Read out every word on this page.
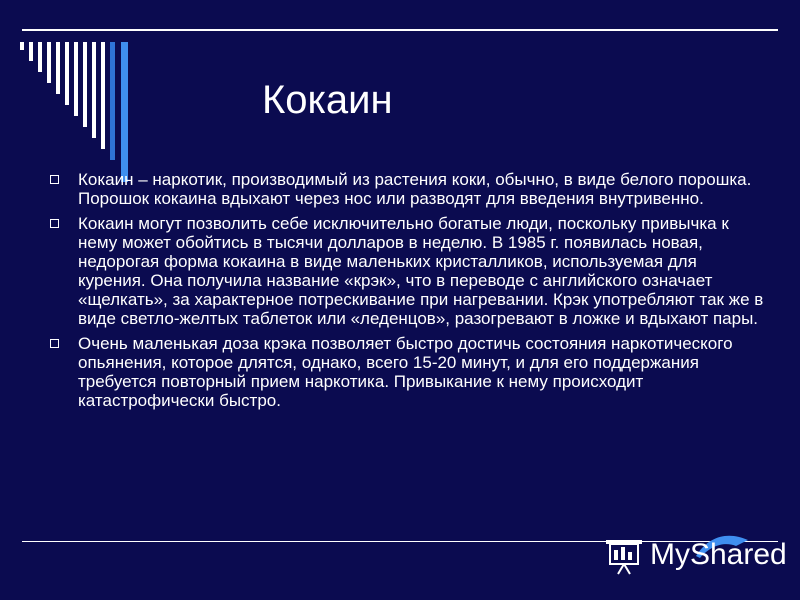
Кокаин
Кокаин – наркотик, производимый из растения коки, обычно, в виде белого порошка. Порошок кокаина вдыхают через нос или разводят для введения внутривенно.
Кокаин могут позволить себе исключительно богатые люди, поскольку привычка к нему может обойтись в тысячи долларов в неделю. В 1985 г. появилась новая, недорогая форма кокаина в виде маленьких кристалликов, используемая для курения. Она получила название «крэк», что в переводе с английского означает «щелкать», за характерное потрескивание при нагревании. Крэк употребляют так же в виде светло-желтых таблеток или «леденцов», разогревают в ложке и вдыхают пары.
Очень маленькая доза крэка позволяет быстро достичь состояния наркотического опьянения, которое длятся, однако, всего 15-20 минут, и для его поддержания требуется повторный прием наркотика. Привыкание к нему происходит катастрофически быстро.
MyShared
